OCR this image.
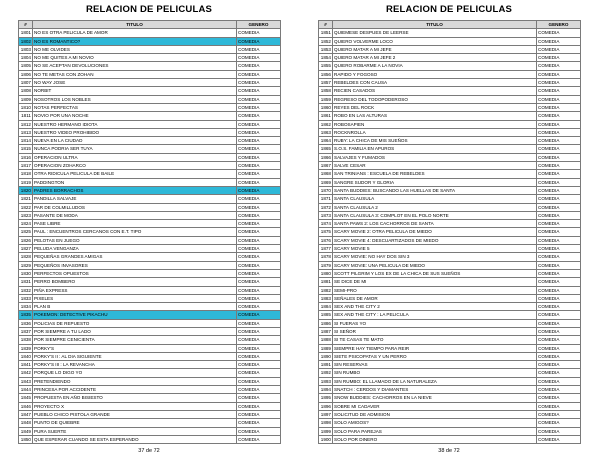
RELACION DE PELICULAS
#	TITULO	GENERO
1801	NO ES OTRA PELICULA DE AMOR	COMEDIA
1802	NO ES ROMANTICO?	COMEDIA
1803	NO ME OLVIDES	COMEDIA
1804	NO ME QUITES A MI NOVIO	COMEDIA
1805	NO SE ACEPTAN DEVOLUCIONES	COMEDIA
1806	NO TE METAS CON ZOHAN	COMEDIA
1807	NO WAY JOSE	COMEDIA
1808	NORBIT	COMEDIA
1809	NOSOTROS LOS NOBLES	COMEDIA
1810	NOTAS PERFECTAS	COMEDIA
1811	NOVIO POR UNA NOCHE	COMEDIA
1812	NUESTRO HERMANO IDIOTA	COMEDIA
1813	NUESTRO VIDEO PROHIBIDO	COMEDIA
1814	NUEVA EN LA CIUDAD	COMEDIA
1815	NUNCA PODRIA SER TUYA	COMEDIA
1816	OPERACION ULTRA	COMEDIA
1817	OPERACION ZOHARCO	COMEDIA
1818	OTRA RIDICULA PELICULA DE BAILE	COMEDIA
1819	PADDINGTON	COMEDIA
1820	PADRES BORRACHOS	COMEDIA
1821	PANDILLA SALVAJE	COMEDIA
1822	PAR DE COLMILLUDOS	COMEDIA
1823	PASANTE DE MODA	COMEDIA
1824	PASE LIBRE	COMEDIA
1825	PAUL : ENCUENTROS CERCANOS CON E.T. TIPO	COMEDIA
1826	PELOTAS EN JUEGO	COMEDIA
1827	PELUDA VENGANZA	COMEDIA
1828	PEQUEÑAS GRANDES AMIGAS	COMEDIA
1829	PEQUEÑOS INVASORES	COMEDIA
1830	PERFECTOS OPUESTOS	COMEDIA
1831	PERRO BOMBERO	COMEDIA
1832	PIÑA EXPRESS	COMEDIA
1833	PIXELES	COMEDIA
1834	PLAN B	COMEDIA
1835	POKEMON: DETECTIVE PIKACHU	COMEDIA
1836	POLICIAS DE REPUESTO	COMEDIA
1837	POR SIEMPRE A TU LADO	COMEDIA
1838	POR SIEMPRE CENICIENTA	COMEDIA
1839	PORKY'S	COMEDIA
1840	PORKY'S II : AL DIA SIGUIENTE	COMEDIA
1841	PORKY'S III : LA REVANCHA	COMEDIA
1842	PORQUE LO DIGO YO	COMEDIA
1843	PRETENDIENDO	COMEDIA
1844	PRINCESA POR ACCIDENTE	COMEDIA
1845	PROPUESTA EN AÑO BISIESTO	COMEDIA
1846	PROYECTO X	COMEDIA
1847	PUEBLO CHICO PISTOLA GRANDE	COMEDIA
1848	PUNTO DE QUIEBRE	COMEDIA
1849	PURA SUERTE	COMEDIA
1850	QUE ESPERAR CUANDO SE ESTA ESPERANDO	COMEDIA
37 de 72
RELACION DE PELICULAS
#	TITULO	GENERO
1851	QUIEMESE DESPUES DE LEERSE	COMEDIA
1852	QUIERO VOLVERME LOCO	COMEDIA
1853	QUIERO MATAR A MI JEFE	COMEDIA
1854	QUIERO MATAR A MI JEFE 2	COMEDIA
1855	QUIERO ROBARME A LA NOVIA	COMEDIA
1856	RAPIDO Y FOGOSO	COMEDIA
1857	REBELDES CON CAUSA	COMEDIA
1858	RECIEN CASADOS	COMEDIA
1859	REGRESO DEL TODOPODEROSO	COMEDIA
1860	REYES DEL ROCK	COMEDIA
1861	ROBO EN LAS ALTURAS	COMEDIA
1862	ROBOSAPIEN	COMEDIA
1863	ROCKNROLLA	COMEDIA
1864	RUBY: LA CHICA DE MIS SUEÑOS	COMEDIA
1865	S.O.S. FAMILIA EN APUROS	COMEDIA
1866	SALVAJES Y FUMADOS	COMEDIA
1867	SALVE CESAR	COMEDIA
1868	SAN TRINIANS : ESCUELA DE REBELDES	COMEDIA
1869	SANGRE SUDOR Y GLORIA	COMEDIA
1870	SANTA BUDDIES: BUSCANDO LAS HUELLAS DE SANTA	COMEDIA
1871	SANTA CLAUSULA	COMEDIA
1872	SANTA CLAUSULA 2	COMEDIA
1873	SANTA CLAUSULA 3: COMPLOT EN EL POLO NORTE	COMEDIA
1874	SANTA PAWS 2: LOS CACHORROS DE SANTA	COMEDIA
1875	SCARY MOVIE 2: OTRA PELICULA DE MIEDO	COMEDIA
1876	SCARY MOVIE 4: DESCUARTIZADOS DE MIEDO	COMEDIA
1877	SCARY MOVIE 5	COMEDIA
1878	SCARY MOVIE: NO HAY DOS SIN 3	COMEDIA
1879	SCARY MOVIE: UNA PELICULA DE MIEDO	COMEDIA
1880	SCOTT PILGRIM Y LOS EX DE LA CHICA DE SUS SUEÑOS	COMEDIA
1881	SE DICE DE MI	COMEDIA
1882	SEMI-PRO	COMEDIA
1883	SEÑALES DE AMOR	COMEDIA
1884	SEX AND THE CITY 2	COMEDIA
1885	SEX AND THE CITY : LA PELICULA	COMEDIA
1886	SI FUERAS YO	COMEDIA
1887	SI SEÑOR	COMEDIA
1888	SI TE CASAS TE MATO	COMEDIA
1889	SIEMPRE HAY TIEMPO PARA REIR	COMEDIA
1890	SIETE PSICOPATAS Y UN PERRO	COMEDIA
1891	SIN RESERVAS	COMEDIA
1892	SIN RUMBO	COMEDIA
1893	SIN RUMBO: EL LLAMADO DE LA NATURALEZA	COMEDIA
1894	SNATCH : CERDOS Y DIAMANTES	COMEDIA
1895	SNOW BUDDIES: CACHORROS EN LA NIEVE	COMEDIA
1896	SOBRE MI CADAVER	COMEDIA
1897	SOLICITUD DE ADMISION	COMEDIA
1898	SOLO AMIGOS?	COMEDIA
1899	SOLO PARA PAREJAS	COMEDIA
1900	SOLO POR DINERO	COMEDIA
38 de 72
